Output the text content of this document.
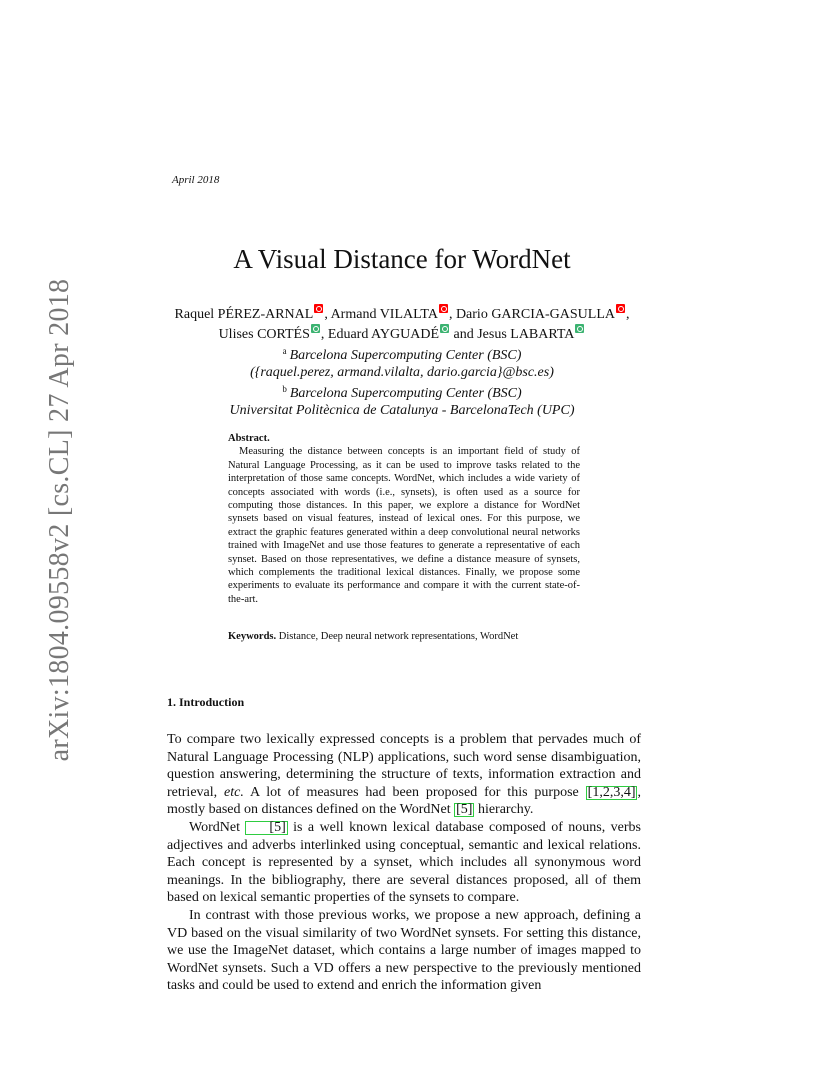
arXiv:1804.09558v2 [cs.CL] 27 Apr 2018
April 2018
A Visual Distance for WordNet
Raquel PÉREZ-ARNAL , Armand VILALTA , Dario GARCIA-GASULLA ,
Ulises CORTÉS , Eduard AYGUADÉ and Jesus LABARTA
$^a$ Barcelona Supercomputing Center (BSC)
({raquel.perez, armand.vilalta, dario.garcia}@bsc.es)
$^b$ Barcelona Supercomputing Center (BSC)
Universitat Politècnica de Catalunya - BarcelonaTech (UPC)
Abstract.

Measuring the distance between concepts is an important field of study of Natural Language Processing, as it can be used to improve tasks related to the interpretation of those same concepts. WordNet, which includes a wide variety of concepts associated with words (i.e., synsets), is often used as a source for computing those distances. In this paper, we explore a distance for WordNet synsets based on visual features, instead of lexical ones. For this purpose, we extract the graphic features generated within a deep convolutional neural networks trained with ImageNet and use those features to generate a representative of each synset. Based on those representatives, we define a distance measure of synsets, which complements the traditional lexical distances. Finally, we propose some experiments to evaluate its performance and compare it with the current state-of-the-art.

Keywords. Distance, Deep neural network representations, WordNet
1. Introduction

To compare two lexically expressed concepts is a problem that pervades much of Natural Language Processing (NLP) applications, such word sense disambiguation, question answering, determining the structure of texts, information extraction and retrieval, etc. A lot of measures had been proposed for this purpose [1,2,3,4] , mostly based on distances defined on the WordNet [5] hierarchy.

WordNet [5] is a well known lexical database composed of nouns, verbs adjectives and adverbs interlinked using conceptual, semantic and lexical relations. Each concept is represented by a synset, which includes all synonymous word meanings. In the bibliography, there are several distances proposed, all of them based on lexical semantic properties of the synsets to compare.

In contrast with those previous works, we propose a new approach, defining a VD based on the visual similarity of two WordNet synsets. For setting this distance, we use the ImageNet dataset, which contains a large number of images mapped to WordNet synsets. Such a VD offers a new perspective to the previously mentioned tasks and could be used to extend and enrich the information given
